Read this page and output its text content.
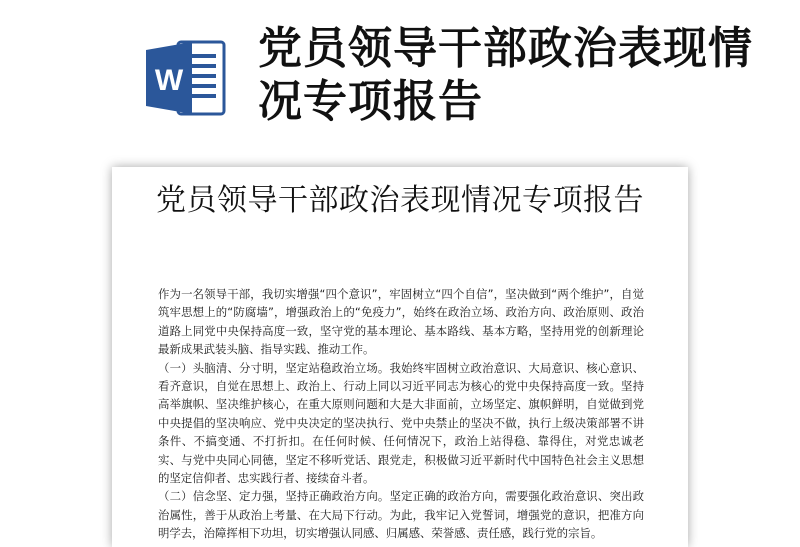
W
党员领导干部政治表现情况专项报告
党员领导干部政治表现情况专项报告

作为一名领导干部，我切实增强“四个意识”，牢固树立“四个自信”，坚决做到“两个维护”，自觉筑牢思想上的“防腐墙”，增强政治上的“免疫力”，始终在政治立场、政治方向、政治原则、政治道路上同党中央保持高度一致，坚守党的基本理论、基本路线、基本方略，坚持用党的创新理论最新成果武装头脑、指导实践、推动工作。

（一）头脑清、分寸明，坚定站稳政治立场。我始终牢固树立政治意识、大局意识、核心意识、看齐意识，自觉在思想上、政治上、行动上同以习近平同志为核心的党中央保持高度一致。坚持高举旗帜、坚决维护核心，在重大原则问题和大是大非面前，立场坚定、旗帜鲜明，自觉做到党中央提倡的坚决响应、党中央决定的坚决执行、党中央禁止的坚决不做，执行上级决策部署不讲条件、不搞变通、不打折扣。在任何时候、任何情况下，政治上站得稳、靠得住，对党忠诚老实、与党中央同心同德，坚定不移听党话、跟党走，积极做习近平新时代中国特色社会主义思想的坚定信仰者、忠实践行者、接续奋斗者。

（二）信念坚、定力强，坚持正确政治方向。坚定正确的政治方向，需要强化政治意识、突出政治属性，善于从政治上考量、在大局下行动。为此，我牢记入党誓词，增强党的意识，把准方向明学去，治障挥相下功坦，切实增强认同感、归属感、荣誉感、责任感，践行党的宗旨。
